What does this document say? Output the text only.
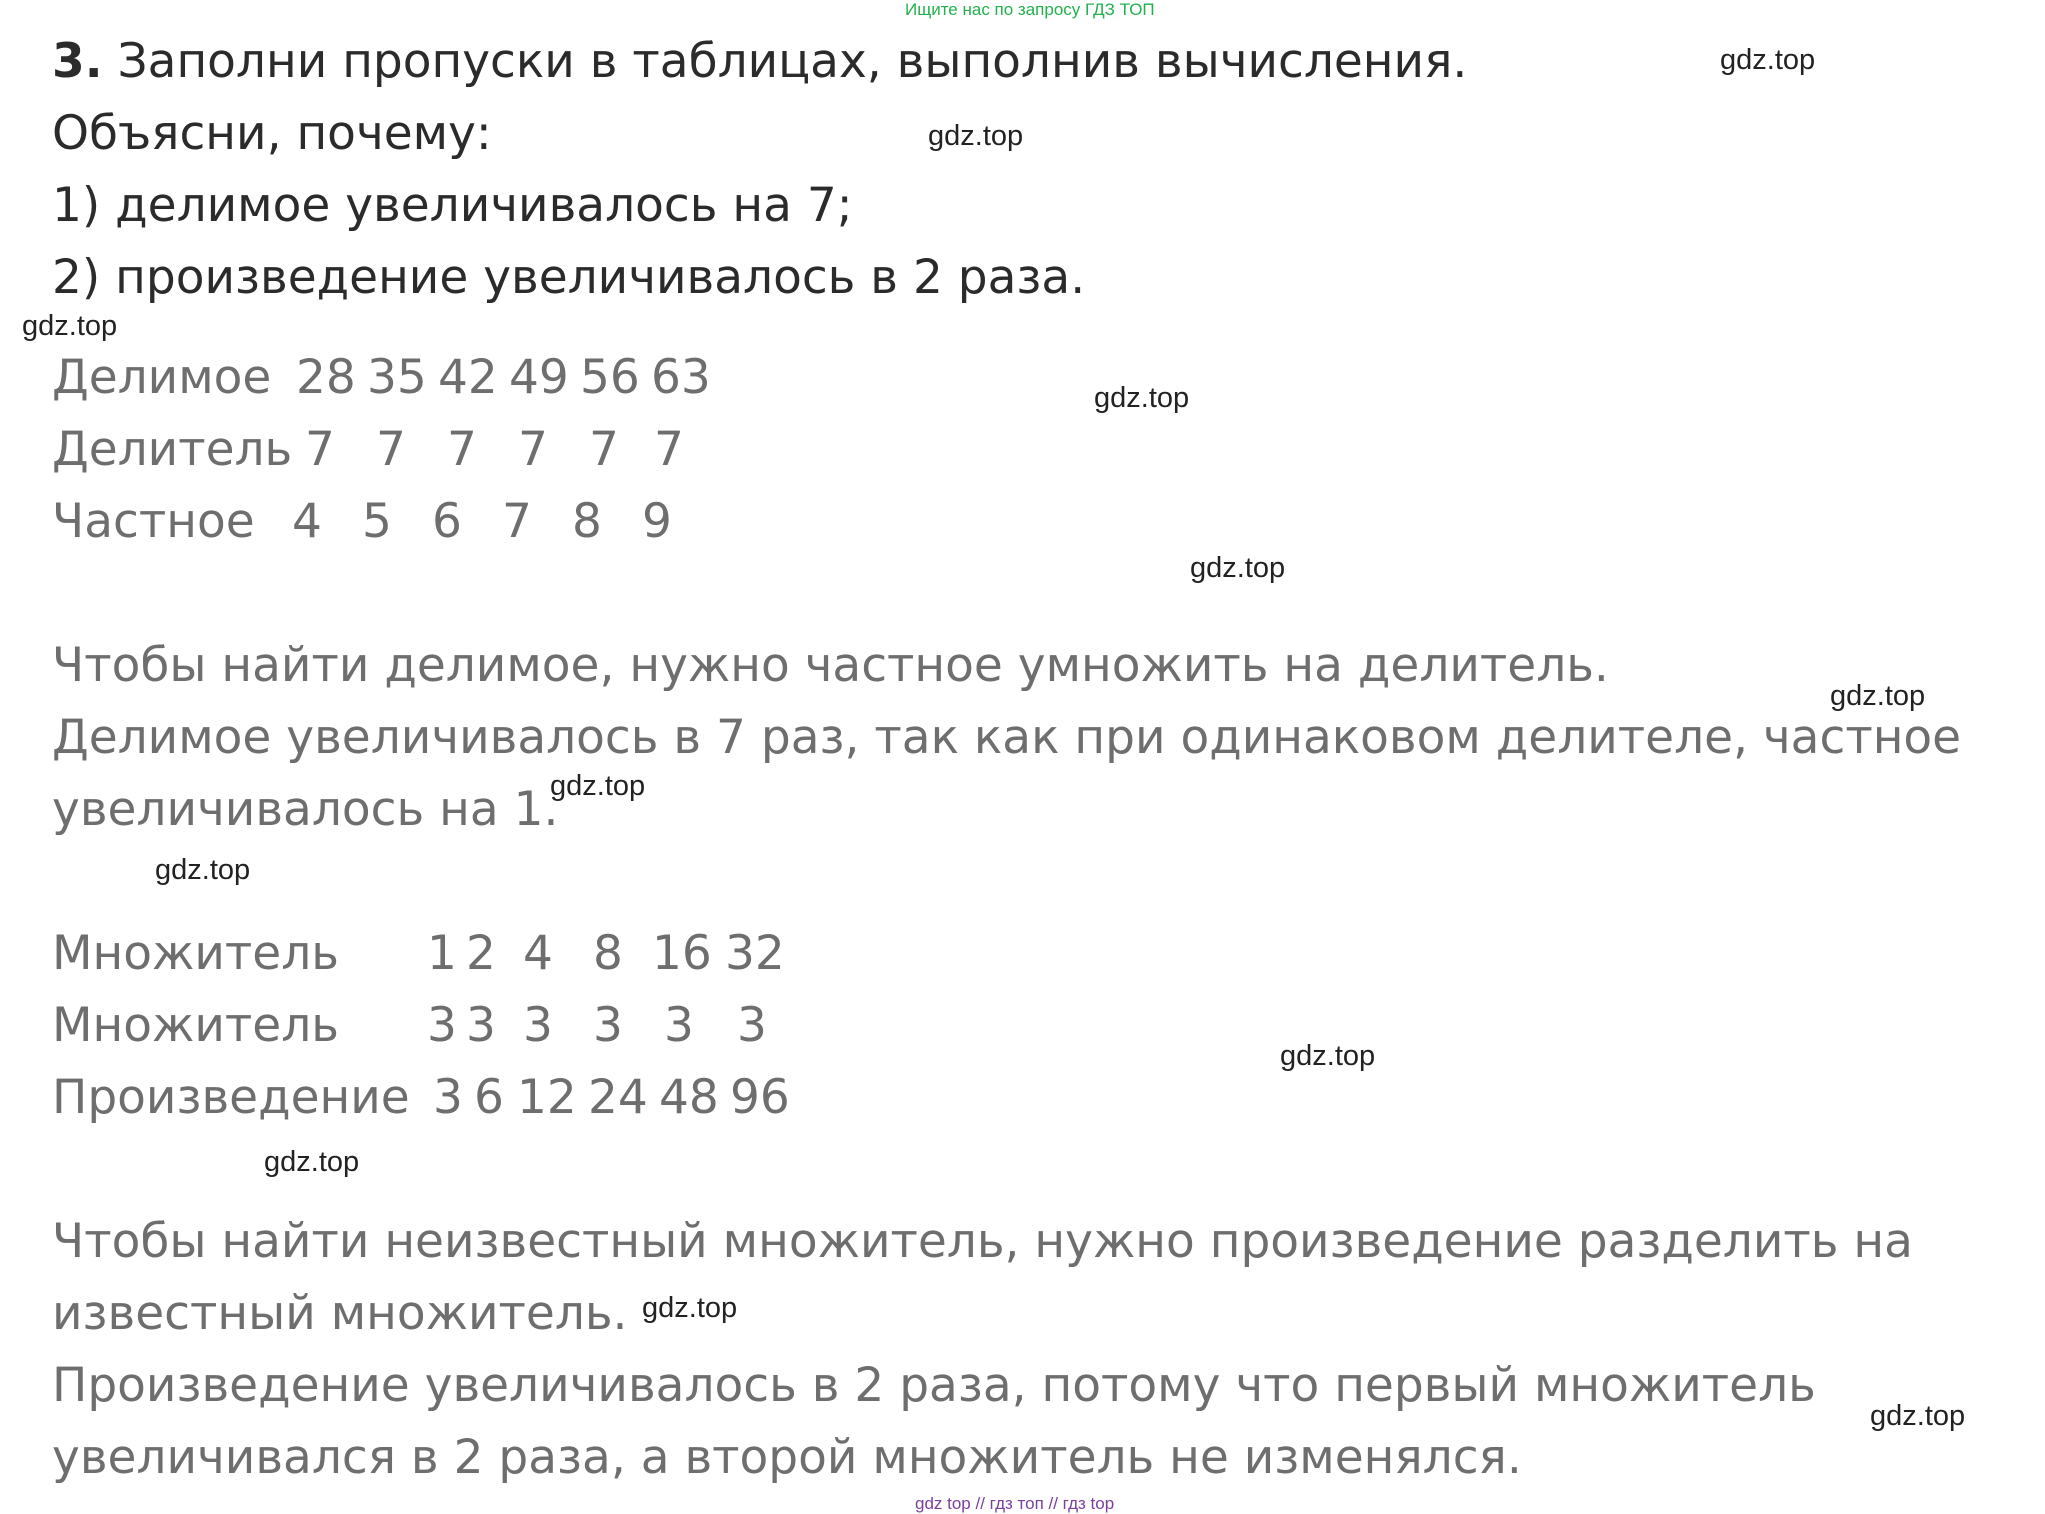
Ищите нас по запросу ГДЗ ТОП
3. Заполни пропуски в таблицах, выполнив вычисления.
Объясни, почему:
1) делимое увеличивалось на 7;
2) произведение увеличивалось в 2 раза.
Делимое 28 35 42 49 56 63
Делитель 7 7 7 7 7 7
Частное 4 5 6 7 8 9
Чтобы найти делимое, нужно частное умножить на делитель.
Делимое увеличивалось в 7 раз, так как при одинаковом делителе, частное
увеличивалось на 1.
Множитель 1 2 4 8 16 32
Множитель 3 3 3 3 3 3
Произведение 3 6 12 24 48 96
Чтобы найти неизвестный множитель, нужно произведение разделить на
известный множитель.
Произведение увеличивалось в 2 раза, потому что первый множитель
увеличивался в 2 раза, а второй множитель не изменялся.
gdz.top
gdz.top
gdz.top
gdz.top
gdz.top
gdz.top
gdz.top
gdz.top
gdz.top
gdz.top
gdz.top
gdz.top
gdz top // гдз топ // гдз top
